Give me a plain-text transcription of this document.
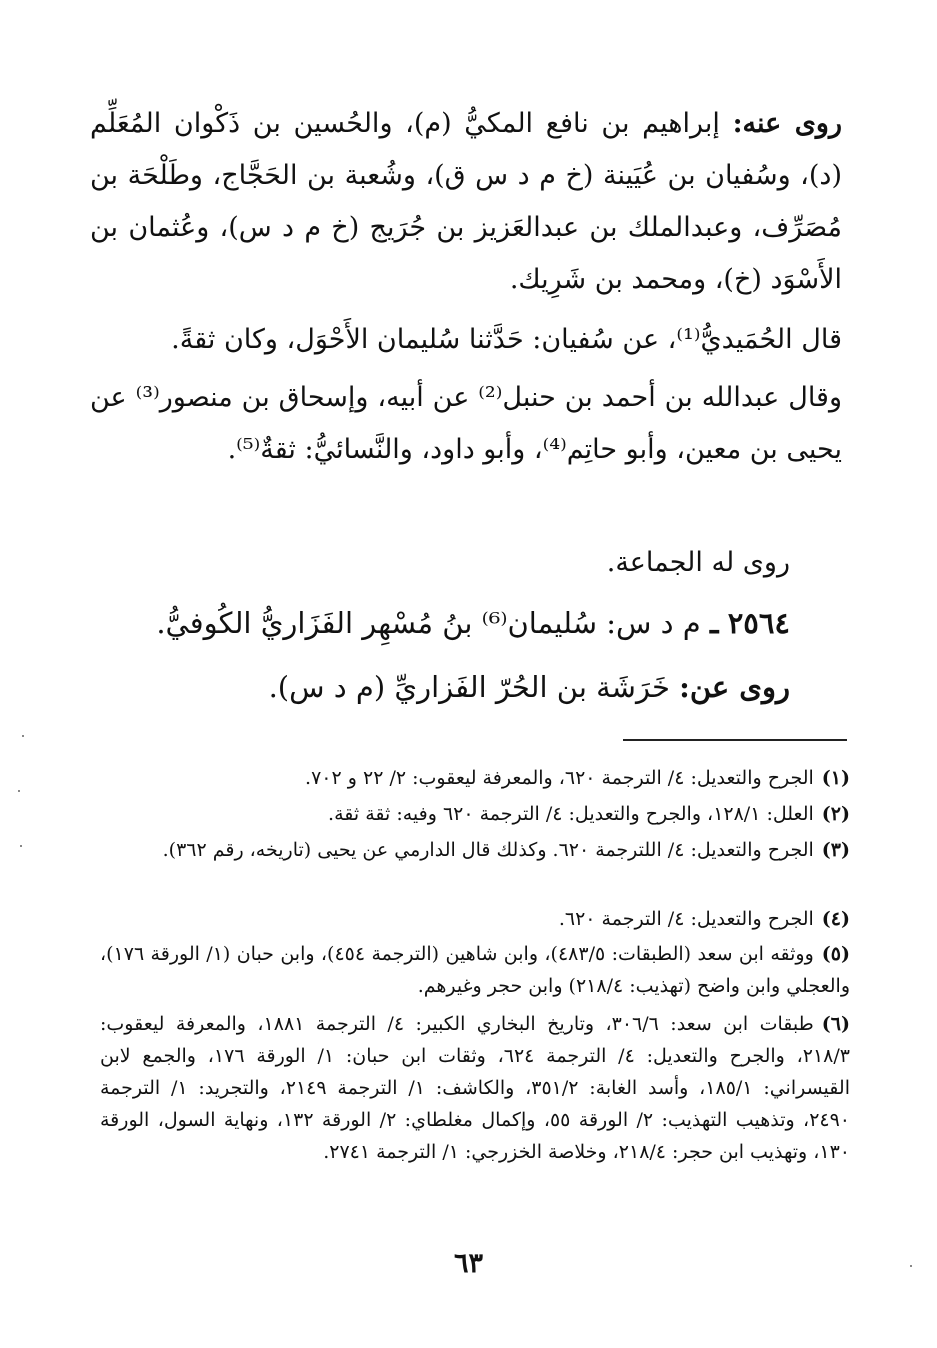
روى عنه: إبراهيم بن نافع المكيُّ (م)، والحُسين بن ذَكْوان المُعَلِّم (د)، وسُفيان بن عُيَينة (خ م د س ق)، وشُعبة بن الحَجَّاج، وطَلْحَة بن مُصَرِّف، وعبدالملك بن عبدالعَزيز بن جُرَيج (خ م د س)، وعُثمان بن الأَسْوَد (خ)، ومحمد بن شَرِيك.

قال الحُمَيديُّ⁽¹⁾، عن سُفيان: حَدَّثنا سُليمان الأَحْوَل، وكان ثقةً.

وقال عبدالله بن أحمد بن حنبل⁽²⁾ عن أبيه، وإسحاق بن منصور⁽³⁾ عن يحيى بن معين، وأبو حاتِم⁽⁴⁾، وأبو داود، والنَّسائيُّ: ثقةٌ⁽⁵⁾.

روى له الجماعة.

٢٥٦٤ ـ م د س: سُليمان⁽⁶⁾ بنُ مُسْهِر الفَزَاريُّ الكُوفيُّ.

روى عن: خَرَشَة بن الحُرّ الفَزاريِّ (م د س).

(١)الجرح والتعديل: ٤/ الترجمة ٦٢٠، والمعرفة ليعقوب: ٢/ ٢٢ و ٧٠٢.
(٢)العلل: ١٢٨/١، والجرح والتعديل: ٤/ الترجمة ٦٢٠ وفيه: ثقة ثقة.
(٣)الجرح والتعديل: ٤/ اللترجمة ٦٢٠. وكذلك قال الدارمي عن يحيى (تاريخه، رقم ٣٦٢).
(٤)الجرح والتعديل: ٤/ الترجمة ٦٢٠.
(٥)ووثقه ابن سعد (الطبقات: ٤٨٣/٥)، وابن شاهين (الترجمة ٤٥٤)، وابن حبان (١/ الورقة ١٧٦)، والعجلي وابن واضح (تهذيب: ٢١٨/٤) وابن حجر وغيرهم.
(٦)طبقات ابن سعد: ٣٠٦/٦، وتاريخ البخاري الكبير: ٤/ الترجمة ١٨٨١، والمعرفة ليعقوب: ٢١٨/٣، والجرح والتعديل: ٤/ الترجمة ٦٢٤، وثقات ابن حبان: ١/ الورقة ١٧٦، والجمع لابن القيسراني: ١٨٥/١، وأسد الغابة: ٣٥١/٢، والكاشف: ١/ الترجمة ٢١٤٩، والتجريد: ١/ الترجمة ٢٤٩٠، وتذهيب التهذيب: ٢/ الورقة ٥٥، وإكمال مغلطاي: ٢/ الورقة ١٣٢، ونهاية السول، الورقة ١٣٠، وتهذيب ابن حجر: ٢١٨/٤، وخلاصة الخزرجي: ١/ الترجمة ٢٧٤١.
٦٣
